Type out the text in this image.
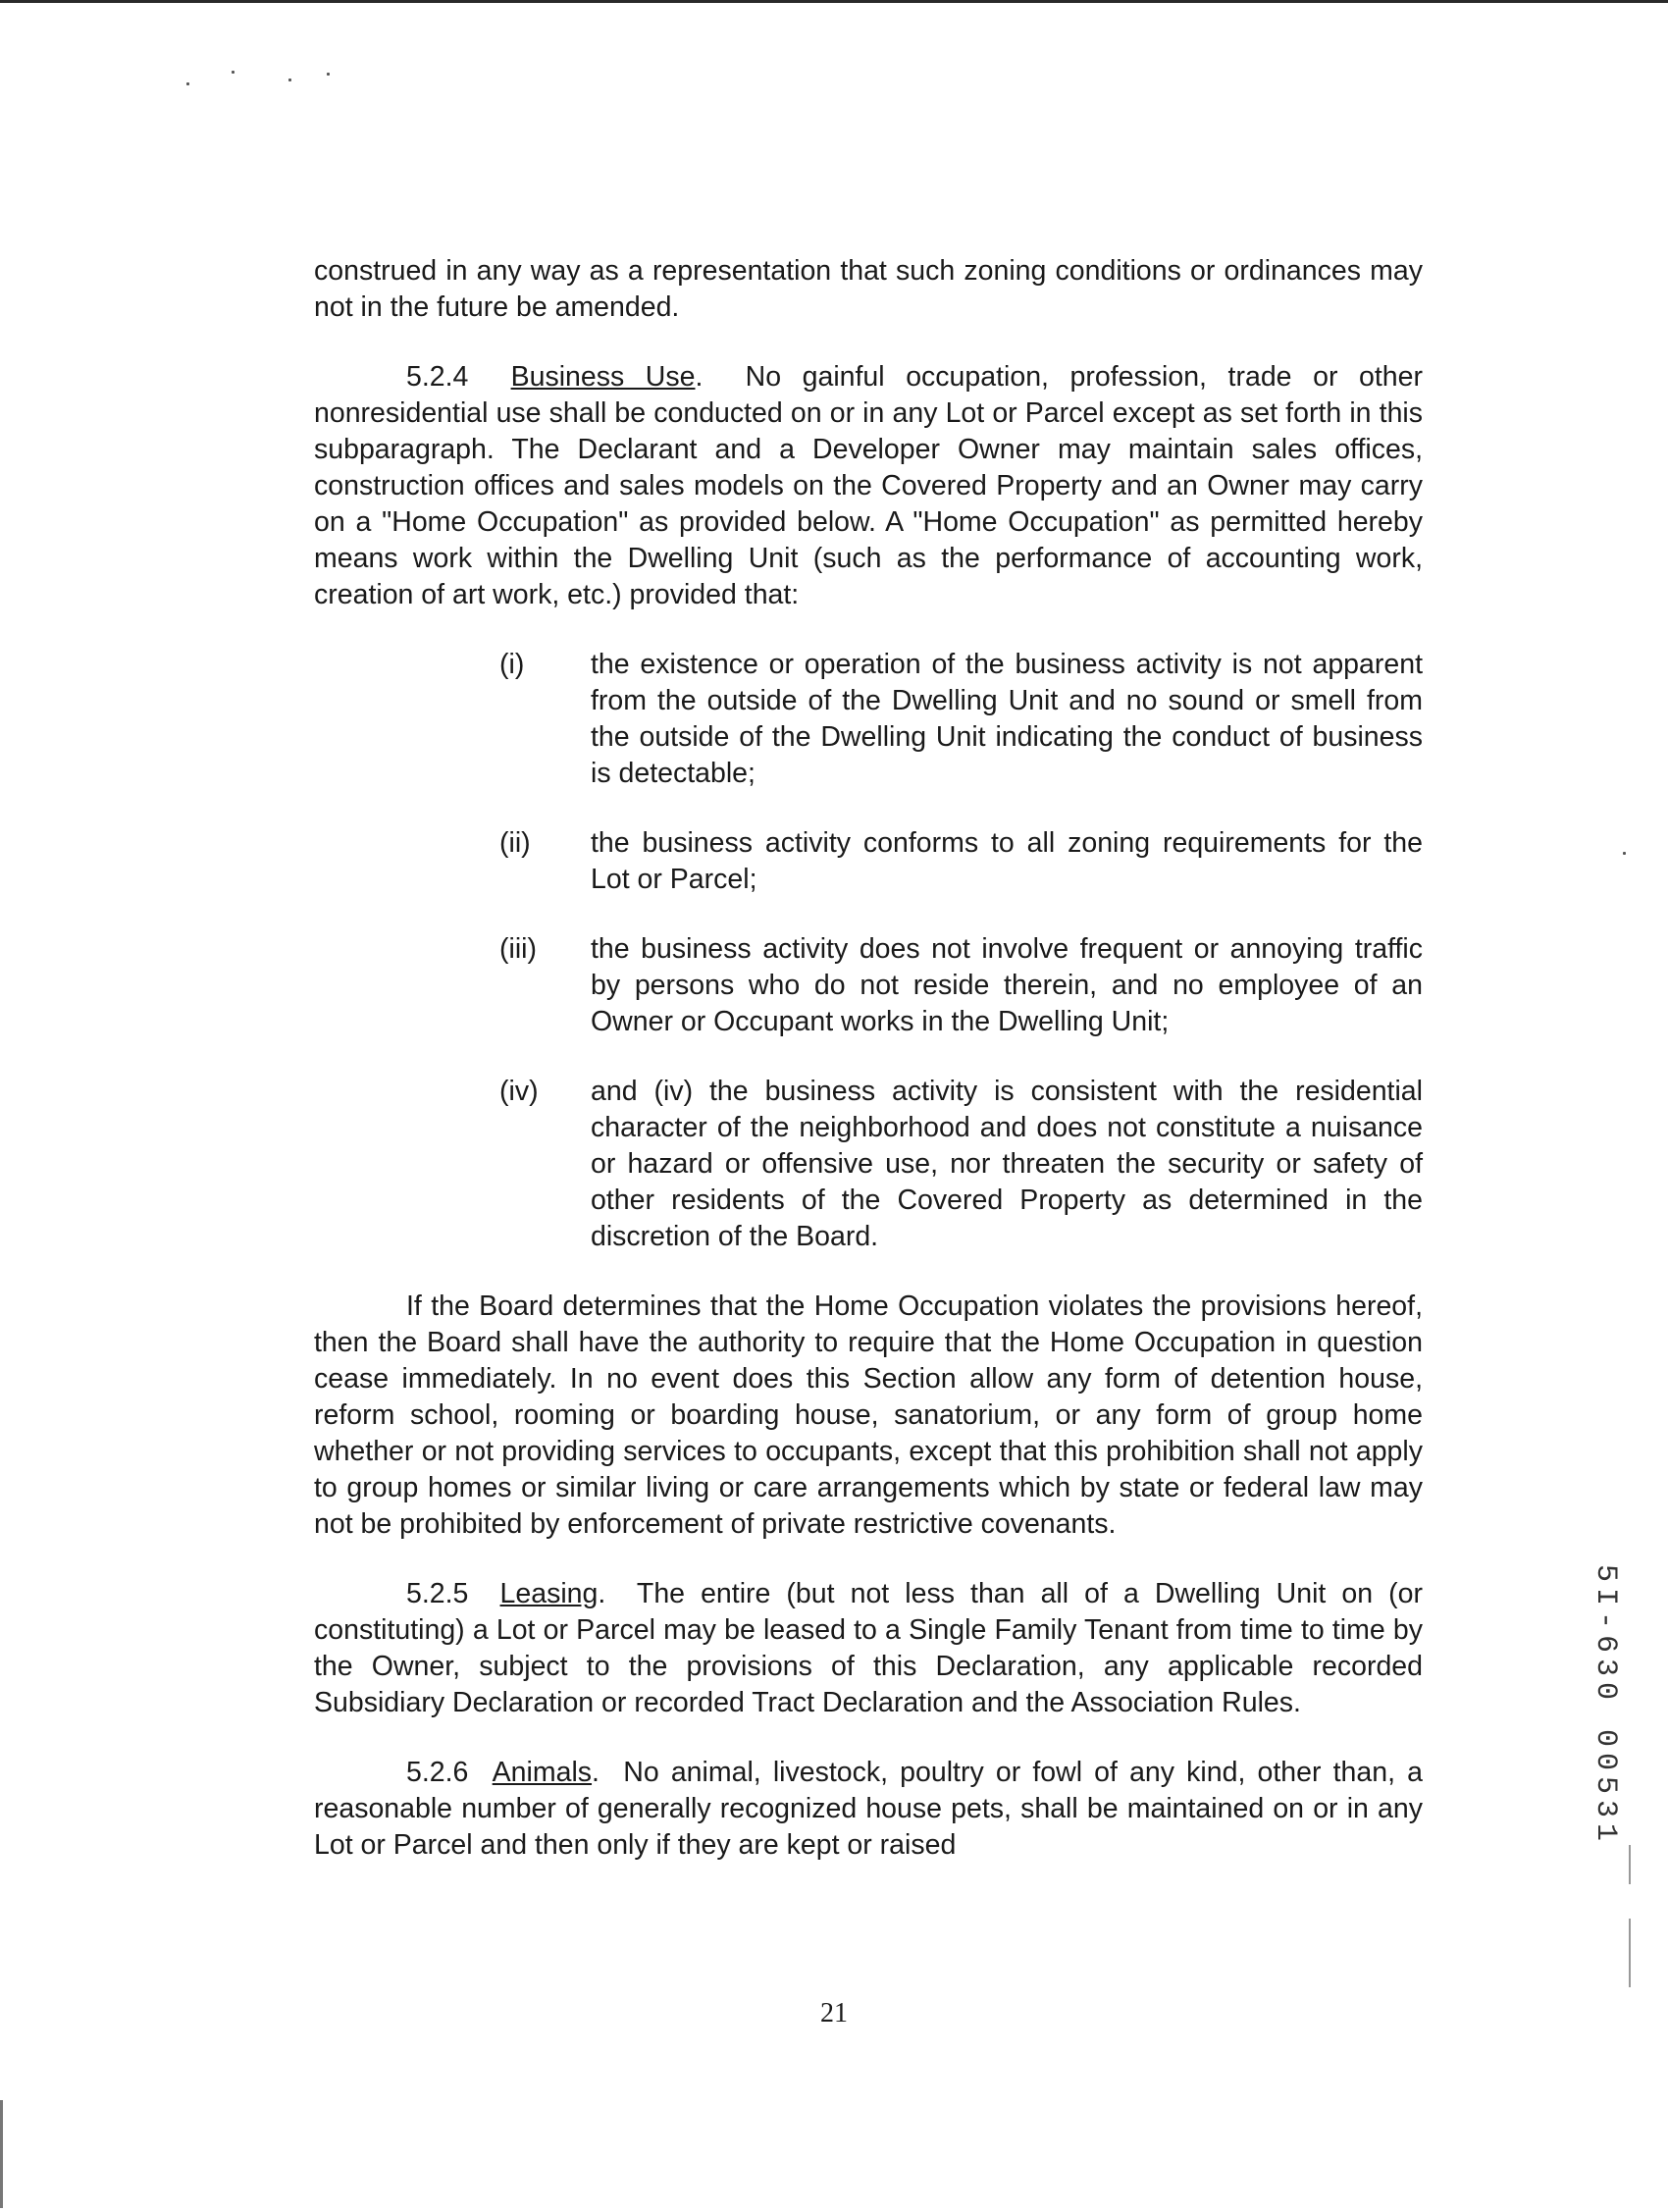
construed in any way as a representation that such zoning conditions or ordinances may not in the future be amended.

5.2.4 Business Use.  No gainful occupation, profession, trade or other nonresidential use shall be conducted on or in any Lot or Parcel except as set forth in this subparagraph. The Declarant and a Developer Owner may maintain sales offices, construction offices and sales models on the Covered Property and an Owner may carry on a "Home Occupation" as provided below. A "Home Occupation" as permitted hereby means work within the Dwelling Unit (such as the performance of accounting work, creation of art work, etc.) provided that:

(i)	the existence or operation of the business activity is not apparent from the outside of the Dwelling Unit and no sound or smell from the outside of the Dwelling Unit indicating the conduct of business is detectable;
(ii)	the business activity conforms to all zoning requirements for the Lot or Parcel;
(iii)	the business activity does not involve frequent or annoying traffic by persons who do not reside therein, and no employee of an Owner or Occupant works in the Dwelling Unit;
(iv)	and (iv) the business activity is consistent with the residential character of the neighborhood and does not constitute a nuisance or hazard or offensive use, nor threaten the security or safety of other residents of the Covered Property as determined in the discretion of the Board.

If the Board determines that the Home Occupation violates the provisions hereof, then the Board shall have the authority to require that the Home Occupation in question cease immediately. In no event does this Section allow any form of detention house, reform school, rooming or boarding house, sanatorium, or any form of group home whether or not providing services to occupants, except that this prohibition shall not apply to group homes or similar living or care arrangements which by state or federal law may not be prohibited by enforcement of private restrictive covenants.

5.2.5 Leasing.  The entire (but not less than all of a Dwelling Unit on (or constituting) a Lot or Parcel may be leased to a Single Family Tenant from time to time by the Owner, subject to the provisions of this Declaration, any applicable recorded Subsidiary Declaration or recorded Tract Declaration and the Association Rules.

5.2.6 Animals.  No animal, livestock, poultry or fowl of any kind, other than, a reasonable number of generally recognized house pets, shall be maintained on or in any Lot or Parcel and then only if they are kept or raised

21
5I-630 00531
